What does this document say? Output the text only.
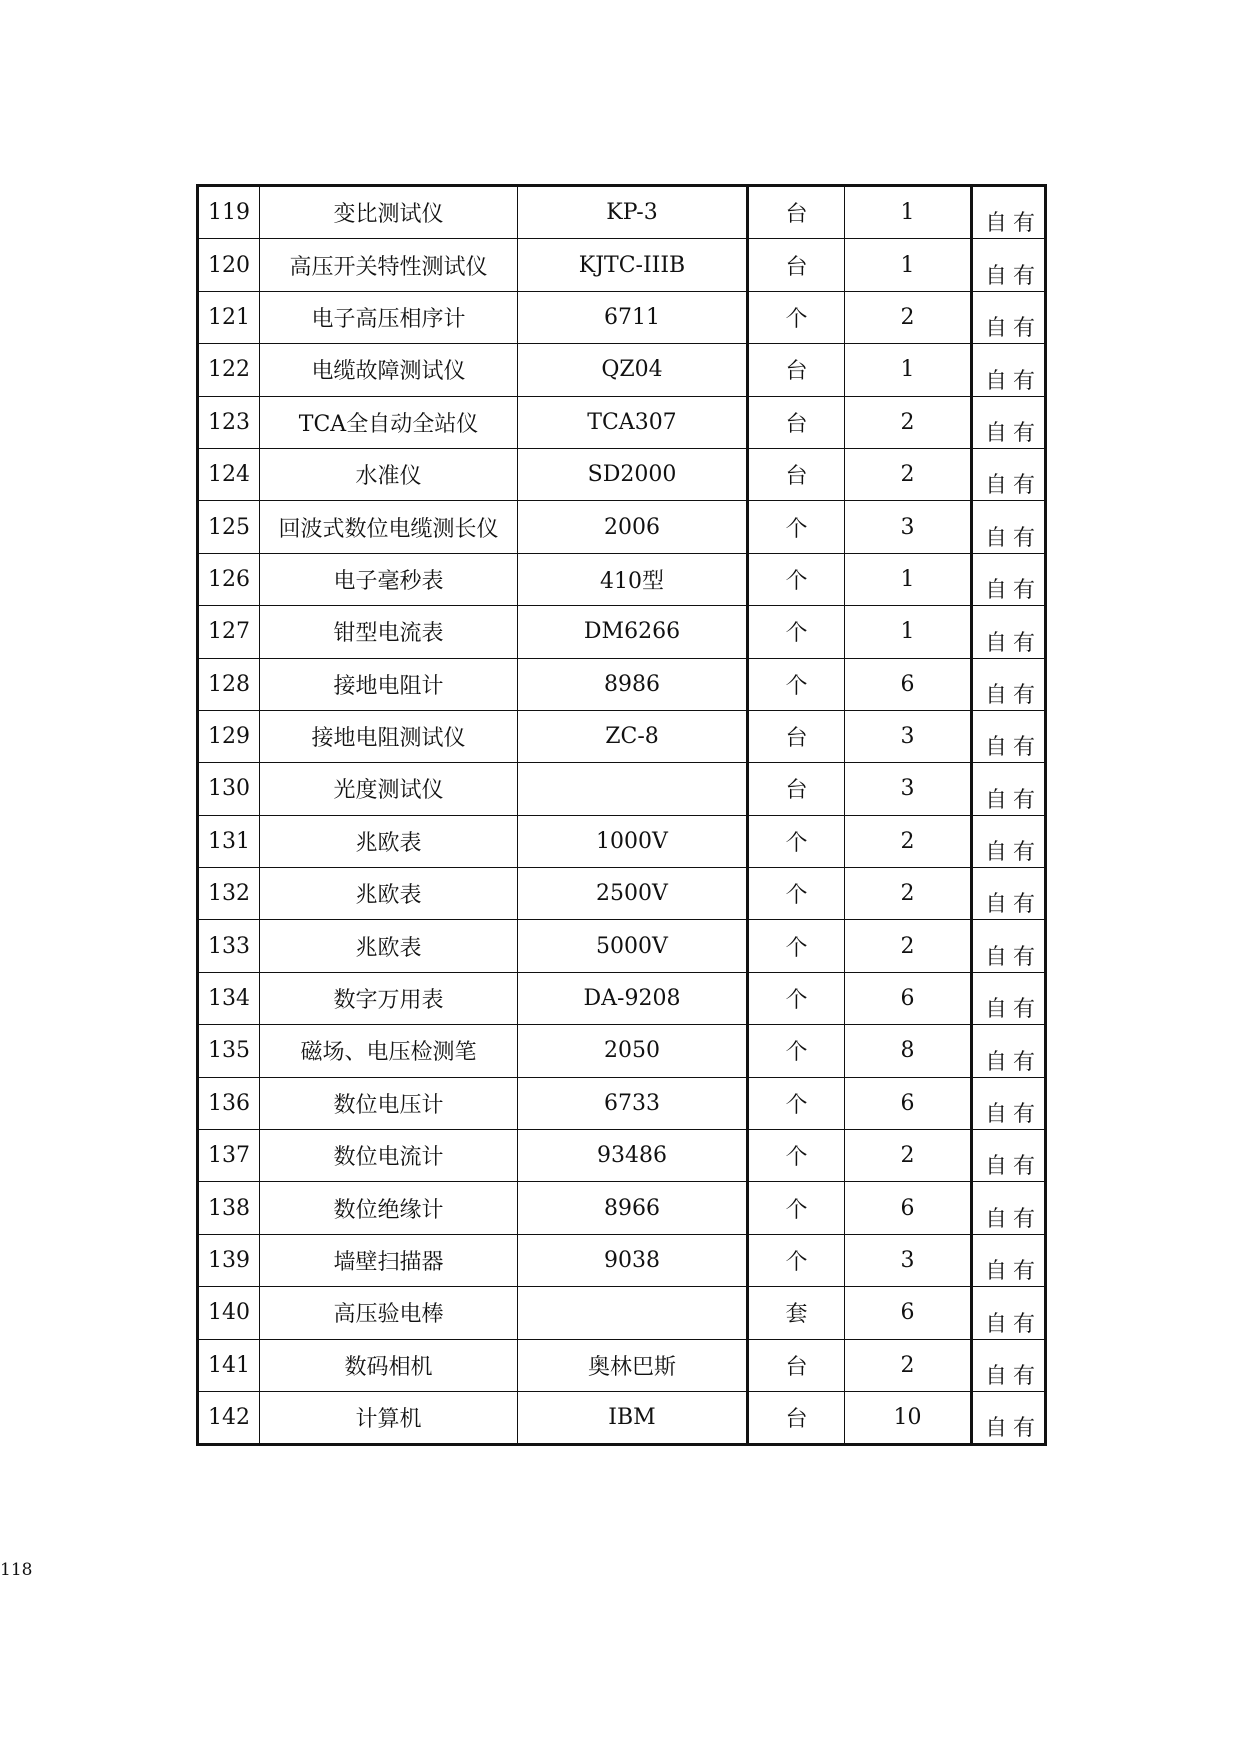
119	变比测试仪	KP-3	台	1	自有
120	高压开关特性测试仪	KJTC-IIIB	台	1	自有
121	电子高压相序计	6711	个	2	自有
122	电缆故障测试仪	QZ04	台	1	自有
123	TCA全自动全站仪	TCA307	台	2	自有
124	水准仪	SD2000	台	2	自有
125	回波式数位电缆测长仪	2006	个	3	自有
126	电子毫秒表	410型	个	1	自有
127	钳型电流表	DM6266	个	1	自有
128	接地电阻计	8986	个	6	自有
129	接地电阻测试仪	ZC-8	台	3	自有
130	光度测试仪		台	3	自有
131	兆欧表	1000V	个	2	自有
132	兆欧表	2500V	个	2	自有
133	兆欧表	5000V	个	2	自有
134	数字万用表	DA-9208	个	6	自有
135	磁场、电压检测笔	2050	个	8	自有
136	数位电压计	6733	个	6	自有
137	数位电流计	93486	个	2	自有
138	数位绝缘计	8966	个	6	自有
139	墙壁扫描器	9038	个	3	自有
140	高压验电棒		套	6	自有
141	数码相机	奥林巴斯	台	2	自有
142	计算机	IBM	台	10	自有
118
